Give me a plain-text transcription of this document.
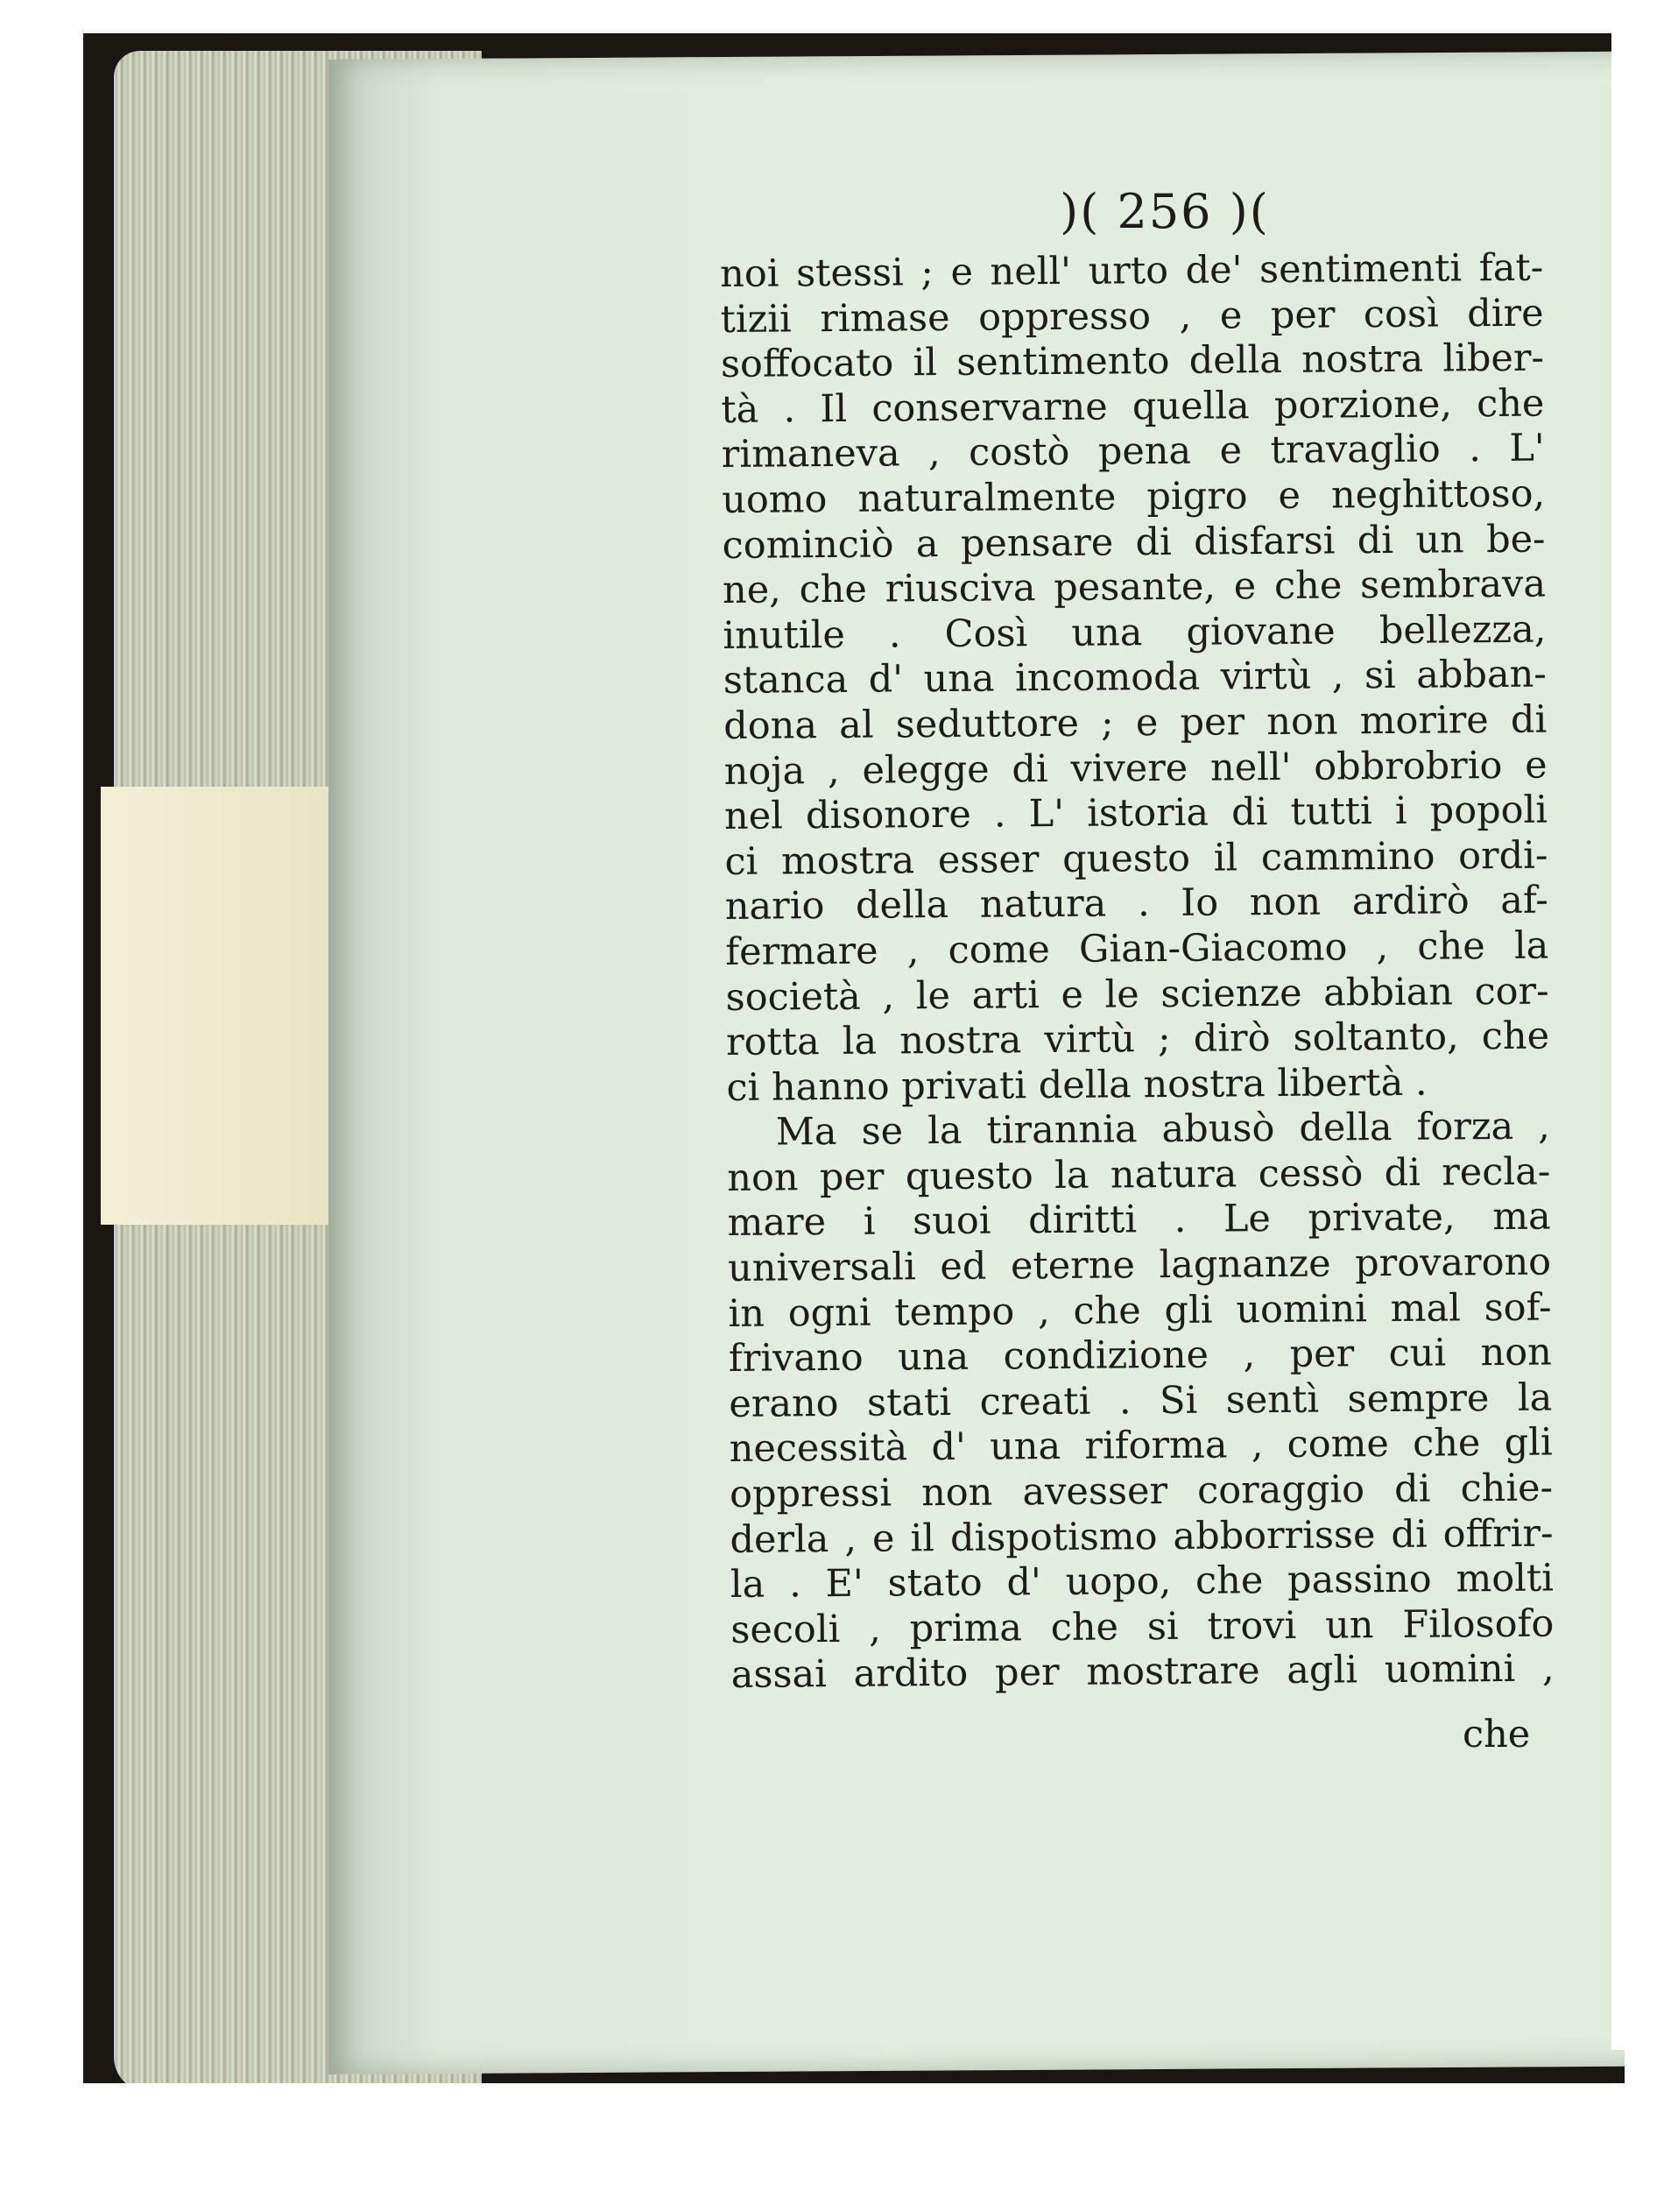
)( 256 )(
noi stessi ; e nell' urto de' sentimenti fat-
tizii rimase oppresso , e per così dire
soffocato il sentimento della nostra liber-
tà . Il conservarne quella porzione, che
rimaneva , costò pena e travaglio . L'
uomo naturalmente pigro e neghittoso,
cominciò a pensare di disfarsi di un be-
ne, che riusciva pesante, e che sembrava
inutile . Così una giovane bellezza,
stanca d' una incomoda virtù , si abban-
dona al seduttore ; e per non morire di
noja , elegge di vivere nell' obbrobrio e
nel disonore . L' istoria di tutti i popoli
ci mostra esser questo il cammino ordi-
nario della natura . Io non ardirò af-
fermare , come Gian-Giacomo , che la
società , le arti e le scienze abbian cor-
rotta la nostra virtù ; dirò soltanto, che
ci hanno privati della nostra libertà .
Ma se la tirannia abusò della forza ,
non per questo la natura cessò di recla-
mare i suoi diritti . Le private, ma
universali ed eterne lagnanze provarono
in ogni tempo , che gli uomini mal sof-
frivano una condizione , per cui non
erano stati creati . Si sentì sempre la
necessità d' una riforma , come che gli
oppressi non avesser coraggio di chie-
derla , e il dispotismo abborrisse di offrir-
la . E' stato d' uopo, che passino molti
secoli , prima che si trovi un Filosofo
assai ardito per mostrare agli uomini ,
che
